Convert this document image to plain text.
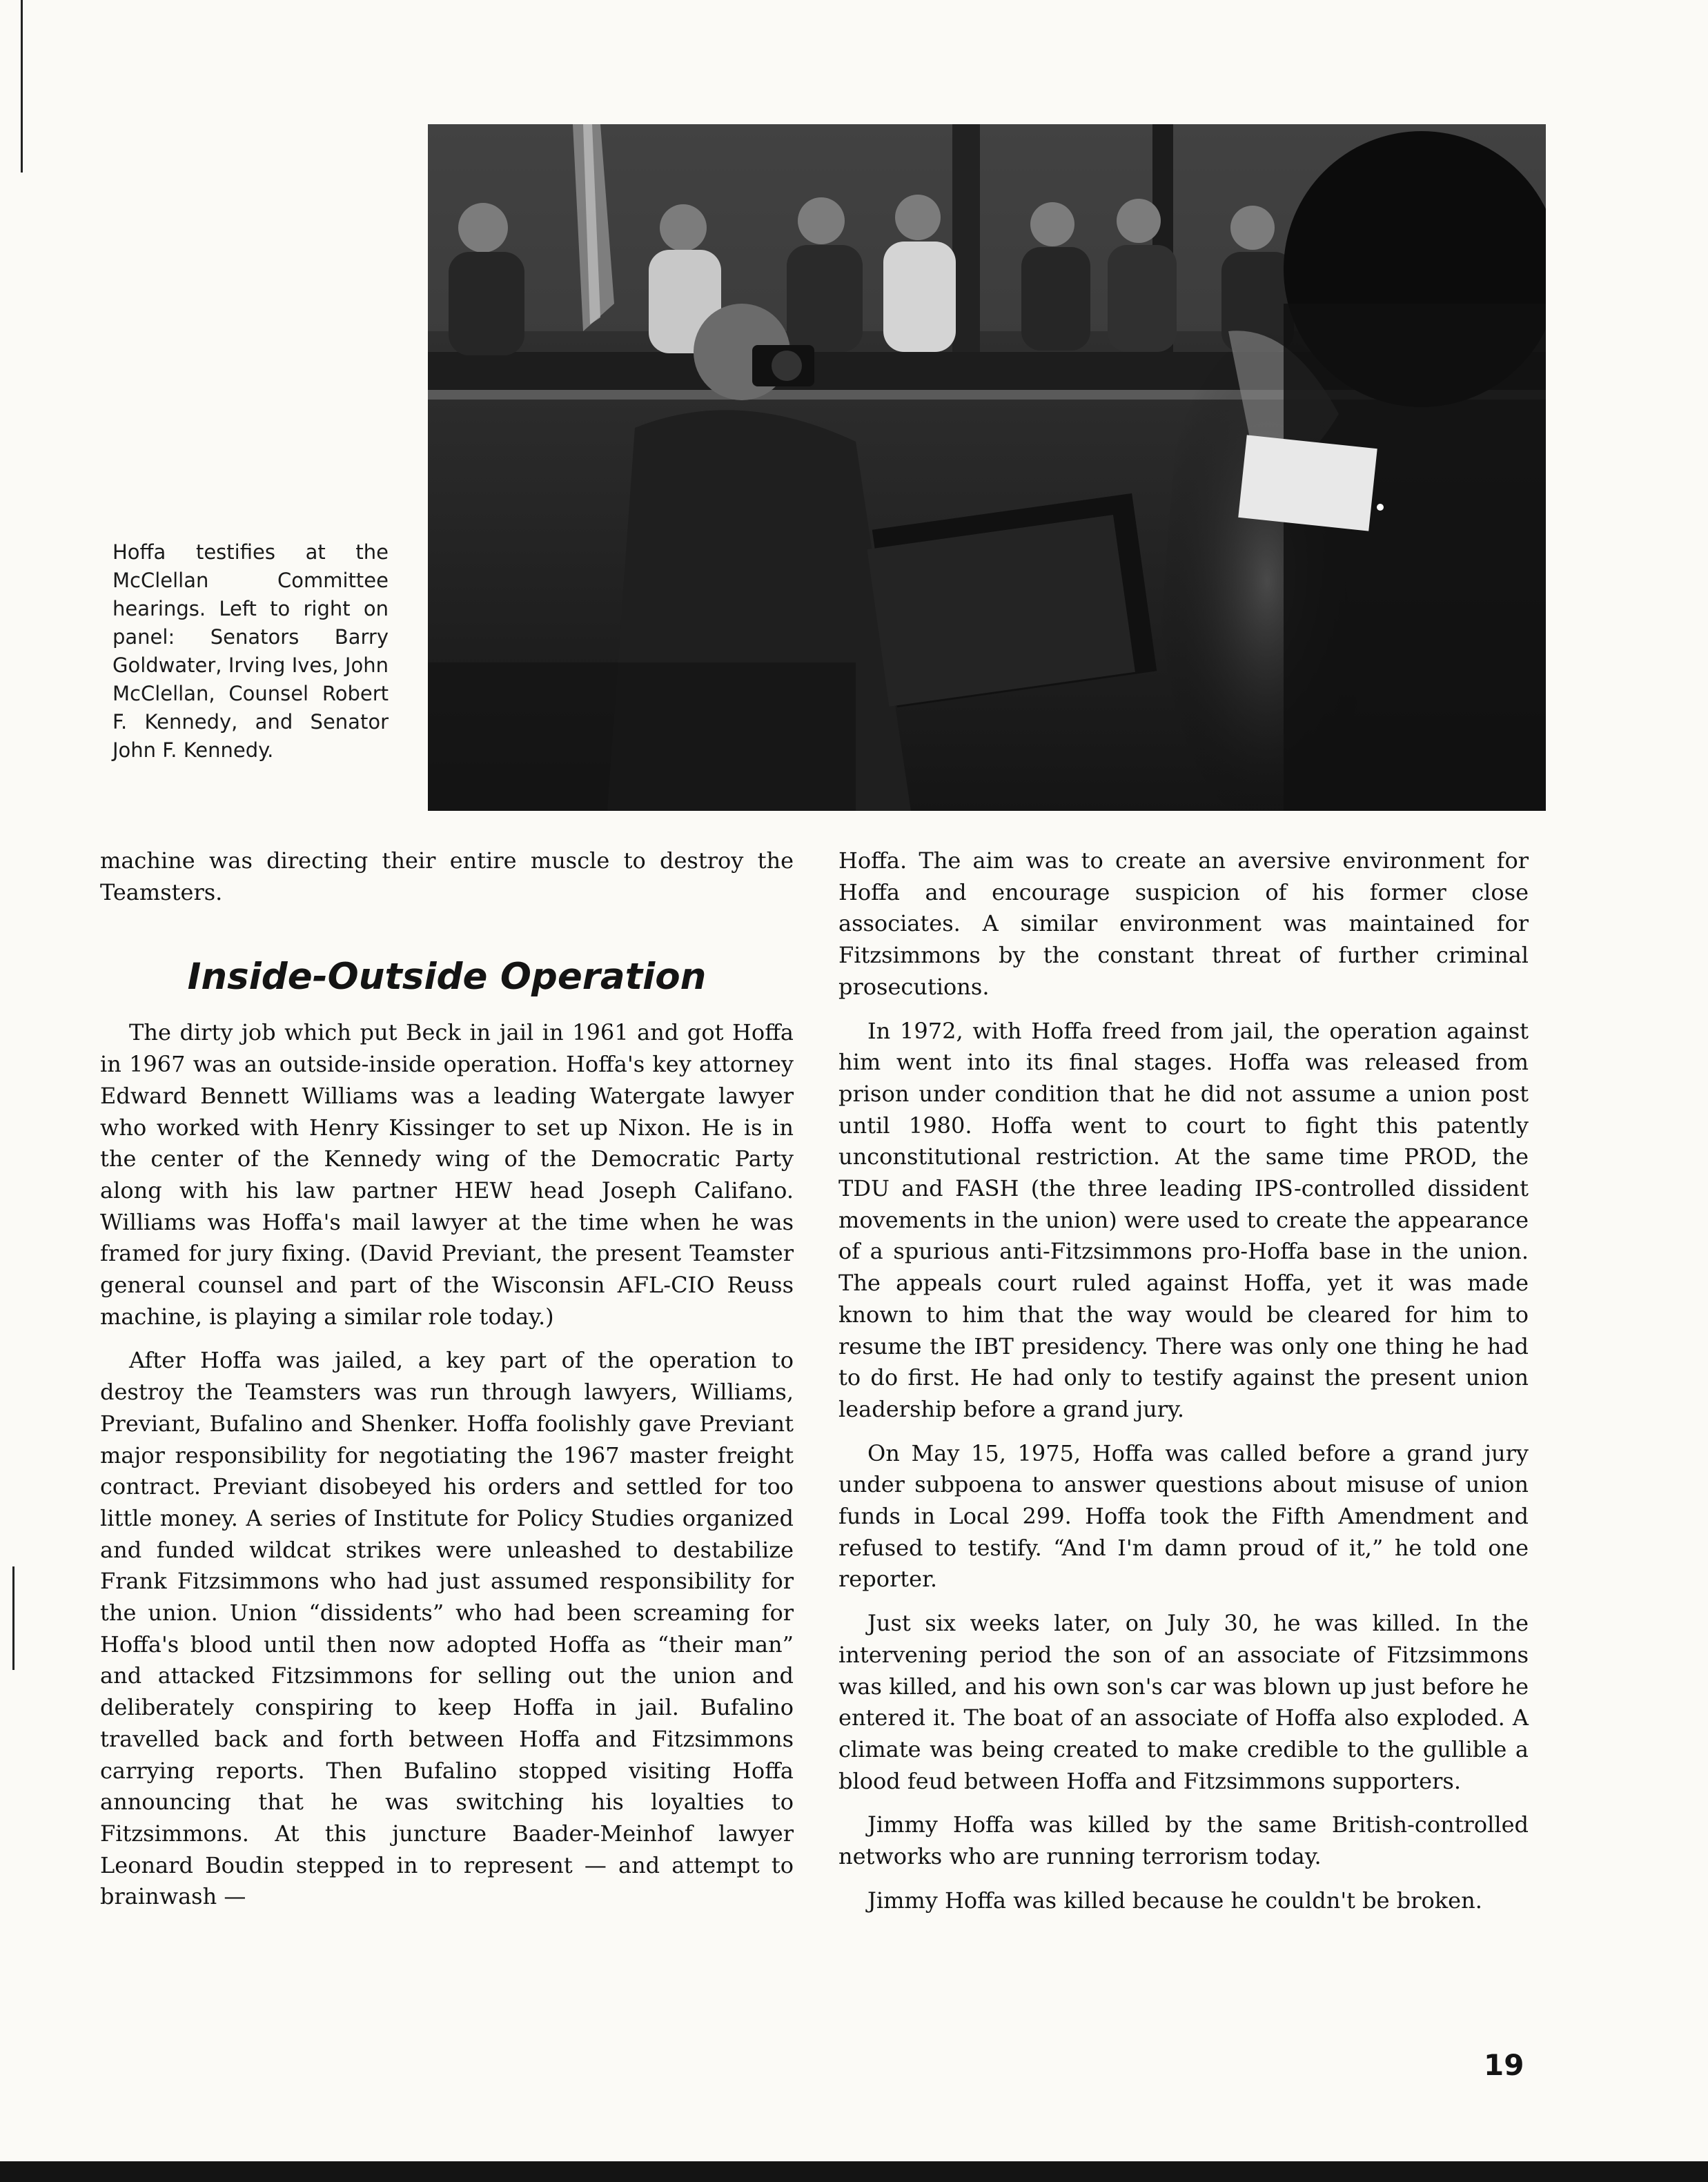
Hoffa testifies at the McClellan Committee hearings. Left to right on panel: Senators Barry Goldwater, Irving Ives, John McClellan, Counsel Robert F. Kennedy, and Senator John F. Kennedy.

machine was directing their entire muscle to destroy the Teamsters.

Inside-Outside Operation

The dirty job which put Beck in jail in 1961 and got Hoffa in 1967 was an outside-inside operation. Hoffa's key attorney Edward Bennett Williams was a leading Watergate lawyer who worked with Henry Kissinger to set up Nixon. He is in the center of the Kennedy wing of the Democratic Party along with his law partner HEW head Joseph Califano. Williams was Hoffa's mail lawyer at the time when he was framed for jury fixing. (David Previant, the present Teamster general counsel and part of the Wisconsin AFL-CIO Reuss machine, is playing a similar role today.)

After Hoffa was jailed, a key part of the operation to destroy the Teamsters was run through lawyers, Williams, Previant, Bufalino and Shenker. Hoffa foolishly gave Previant major responsibility for negotiating the 1967 master freight contract. Previant disobeyed his orders and settled for too little money. A series of Institute for Policy Studies organized and funded wildcat strikes were unleashed to destabilize Frank Fitzsimmons who had just assumed responsibility for the union. Union “dissidents” who had been screaming for Hoffa's blood until then now adopted Hoffa as “their man” and attacked Fitzsimmons for selling out the union and deliberately conspiring to keep Hoffa in jail. Bufalino travelled back and forth between Hoffa and Fitzsimmons carrying reports. Then Bufalino stopped visiting Hoffa announcing that he was switching his loyalties to Fitzsimmons. At this juncture Baader-Meinhof lawyer Leonard Boudin stepped in to represent — and attempt to brainwash —

Hoffa. The aim was to create an aversive environment for Hoffa and encourage suspicion of his former close associates. A similar environment was maintained for Fitzsimmons by the constant threat of further criminal prosecutions.

In 1972, with Hoffa freed from jail, the operation against him went into its final stages. Hoffa was released from prison under condition that he did not assume a union post until 1980. Hoffa went to court to fight this patently unconstitutional restriction. At the same time PROD, the TDU and FASH (the three leading IPS-controlled dissident movements in the union) were used to create the appearance of a spurious anti-Fitzsimmons pro-Hoffa base in the union. The appeals court ruled against Hoffa, yet it was made known to him that the way would be cleared for him to resume the IBT presidency. There was only one thing he had to do first. He had only to testify against the present union leadership before a grand jury.

On May 15, 1975, Hoffa was called before a grand jury under subpoena to answer questions about misuse of union funds in Local 299. Hoffa took the Fifth Amendment and refused to testify. “And I'm damn proud of it,” he told one reporter.

Just six weeks later, on July 30, he was killed. In the intervening period the son of an associate of Fitzsimmons was killed, and his own son's car was blown up just before he entered it. The boat of an associate of Hoffa also exploded. A climate was being created to make credible to the gullible a blood feud between Hoffa and Fitzsimmons supporters.

Jimmy Hoffa was killed by the same British-controlled networks who are running terrorism today.

Jimmy Hoffa was killed because he couldn't be broken.

19
